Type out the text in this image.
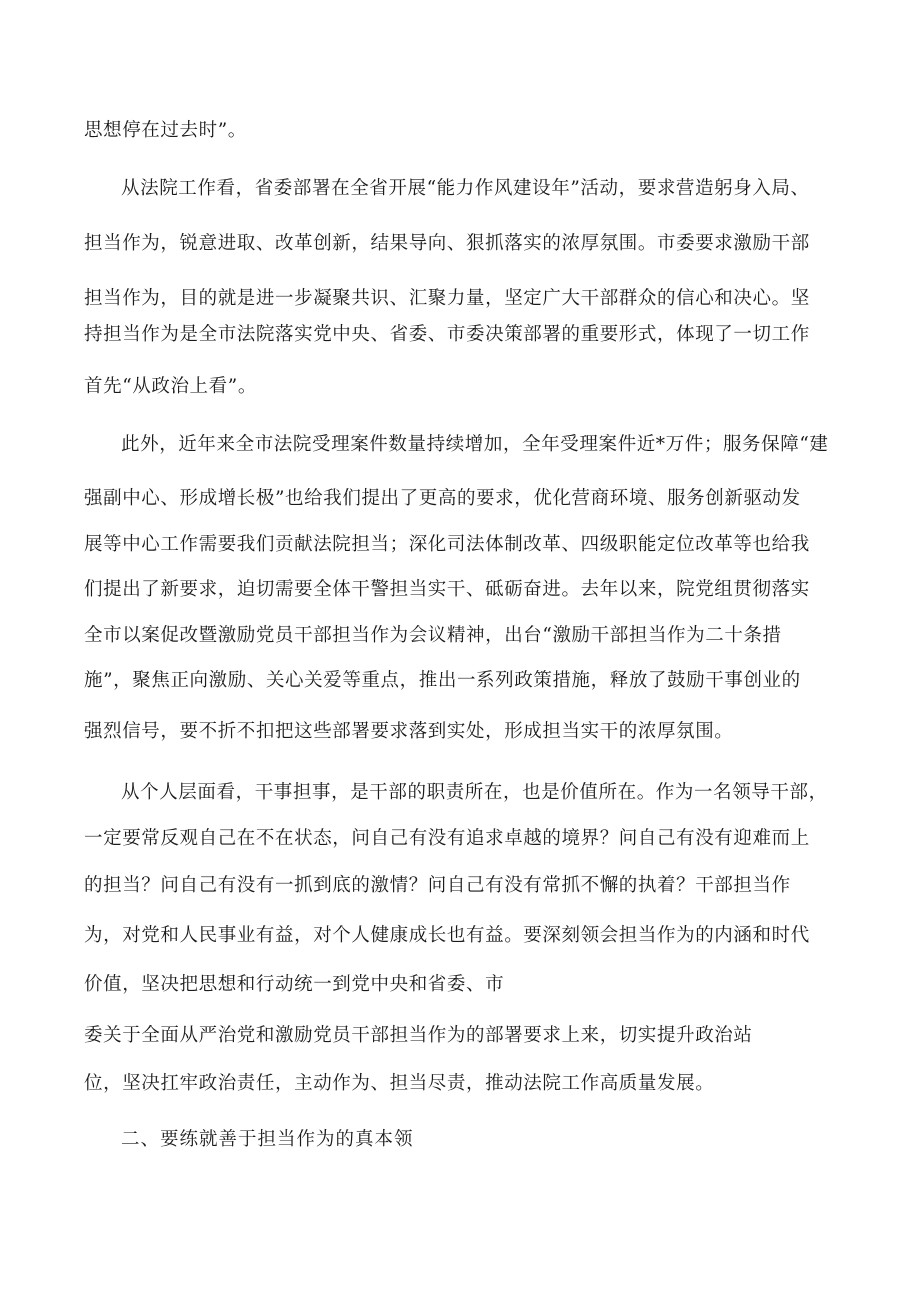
思想停在过去时”。
从法院工作看，省委部署在全省开展“能力作风建设年”活动，要求营造躬身入局、
担当作为，锐意进取、改革创新，结果导向、狠抓落实的浓厚氛围。市委要求激励干部
担当作为，目的就是进一步凝聚共识、汇聚力量，坚定广大干部群众的信心和决心。坚
持担当作为是全市法院落实党中央、省委、市委决策部署的重要形式，体现了一切工作
首先“从政治上看”。
此外，近年来全市法院受理案件数量持续增加，全年受理案件近*万件；服务保障“建
强副中心、形成增长极”也给我们提出了更高的要求，优化营商环境、服务创新驱动发
展等中心工作需要我们贡献法院担当；深化司法体制改革、四级职能定位改革等也给我
们提出了新要求，迫切需要全体干警担当实干、砥砺奋进。去年以来，院党组贯彻落实
全市以案促改暨激励党员干部担当作为会议精神，出台“激励干部担当作为二十条措
施”，聚焦正向激励、关心关爱等重点，推出一系列政策措施，释放了鼓励干事创业的
强烈信号，要不折不扣把这些部署要求落到实处，形成担当实干的浓厚氛围。
从个人层面看，干事担事，是干部的职责所在，也是价值所在。作为一名领导干部，
一定要常反观自己在不在状态，问自己有没有追求卓越的境界？问自己有没有迎难而上
的担当？问自己有没有一抓到底的激情？问自己有没有常抓不懈的执着？干部担当作
为，对党和人民事业有益，对个人健康成长也有益。要深刻领会担当作为的内涵和时代
价值，坚决把思想和行动统一到党中央和省委、市
委关于全面从严治党和激励党员干部担当作为的部署要求上来，切实提升政治站
位，坚决扛牢政治责任，主动作为、担当尽责，推动法院工作高质量发展。
二、要练就善于担当作为的真本领
